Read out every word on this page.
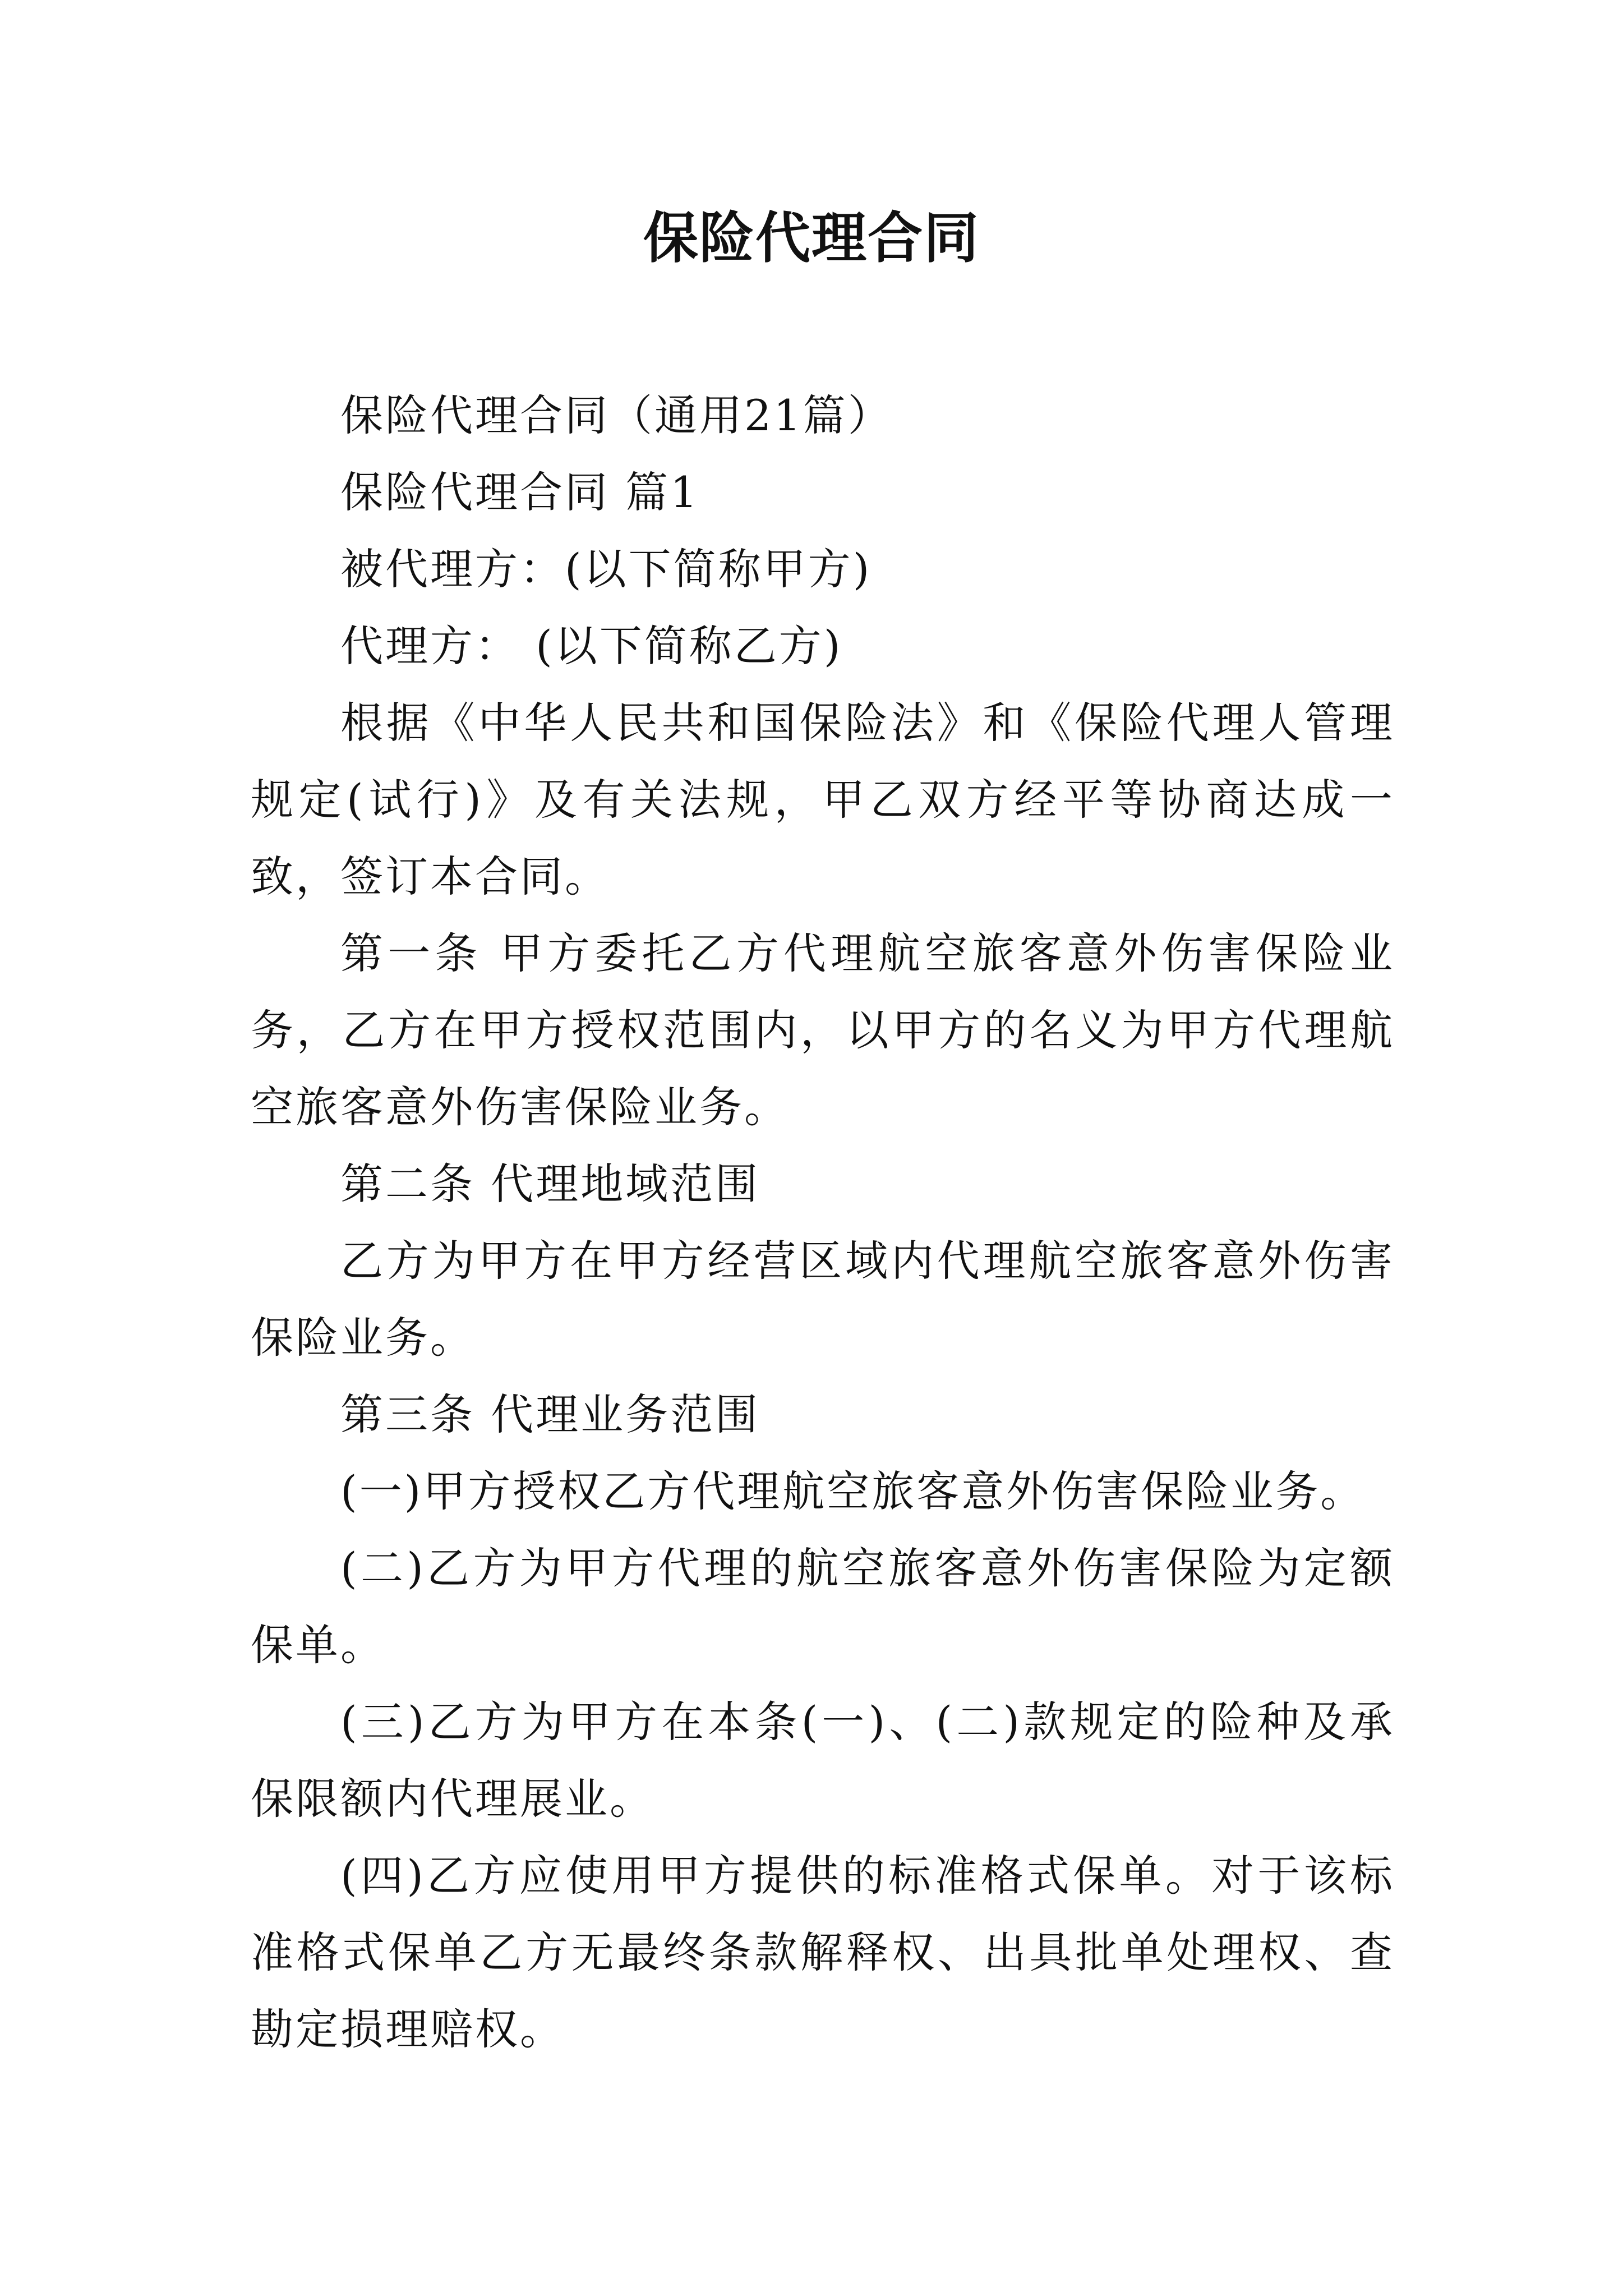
保险代理合同

保险代理合同（通用21篇）

保险代理合同 篇1

被代理方：(以下简称甲方)

代理方： (以下简称乙方)

根据《中华人民共和国保险法》和《保险代理人管理规定(试行)》及有关法规，甲乙双方经平等协商达成一致，签订本合同。

第一条 甲方委托乙方代理航空旅客意外伤害保险业务，乙方在甲方授权范围内，以甲方的名义为甲方代理航空旅客意外伤害保险业务。

第二条 代理地域范围

乙方为甲方在甲方经营区域内代理航空旅客意外伤害保险业务。

第三条 代理业务范围

(一)甲方授权乙方代理航空旅客意外伤害保险业务。

(二)乙方为甲方代理的航空旅客意外伤害保险为定额保单。

(三)乙方为甲方在本条(一)、(二)款规定的险种及承保限额内代理展业。

(四)乙方应使用甲方提供的标准格式保单。对于该标准格式保单乙方无最终条款解释权、出具批单处理权、查勘定损理赔权。
